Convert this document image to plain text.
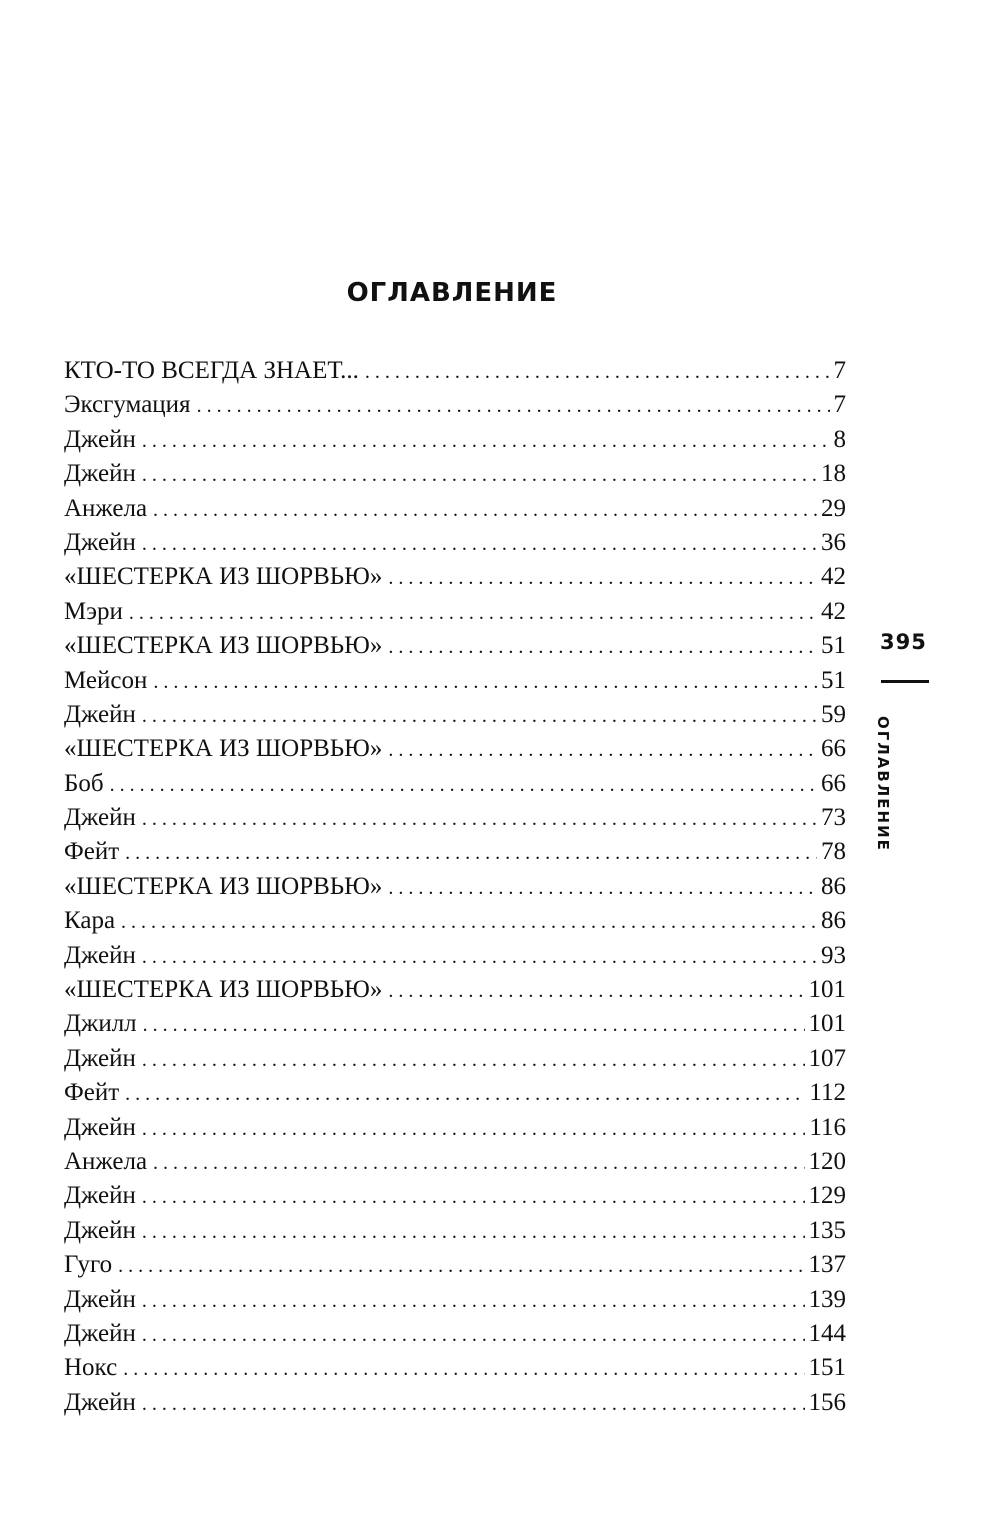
ОГЛАВЛЕНИЕ
КТО-ТО ВСЕГДА ЗНАЕТ... . . .	7
Эксгумация . . .	7
Джейн . . .	8
Джейн . . .	18
Анжела . . .	29
Джейн . . .	36
«ШЕСТЕРКА ИЗ ШОРВЬЮ» . . .	42
Мэри . . .	42
«ШЕСТЕРКА ИЗ ШОРВЬЮ» . . .	51
Мейсон . . .	51
Джейн . . .	59
«ШЕСТЕРКА ИЗ ШОРВЬЮ» . . .	66
Боб . . .	66
Джейн . . .	73
Фейт . . .	78
«ШЕСТЕРКА ИЗ ШОРВЬЮ» . . .	86
Кара . . .	86
Джейн . . .	93
«ШЕСТЕРКА ИЗ ШОРВЬЮ» . . .	101
Джилл . . .	101
Джейн . . .	107
Фейт . . .	112
Джейн . . .	116
Анжела . . .	120
Джейн . . .	129
Джейн . . .	135
Гуго . . .	137
Джейн . . .	139
Джейн . . .	144
Нокс . . .	151
Джейн . . .	156
395
ОГЛАВЛЕНИЕ
